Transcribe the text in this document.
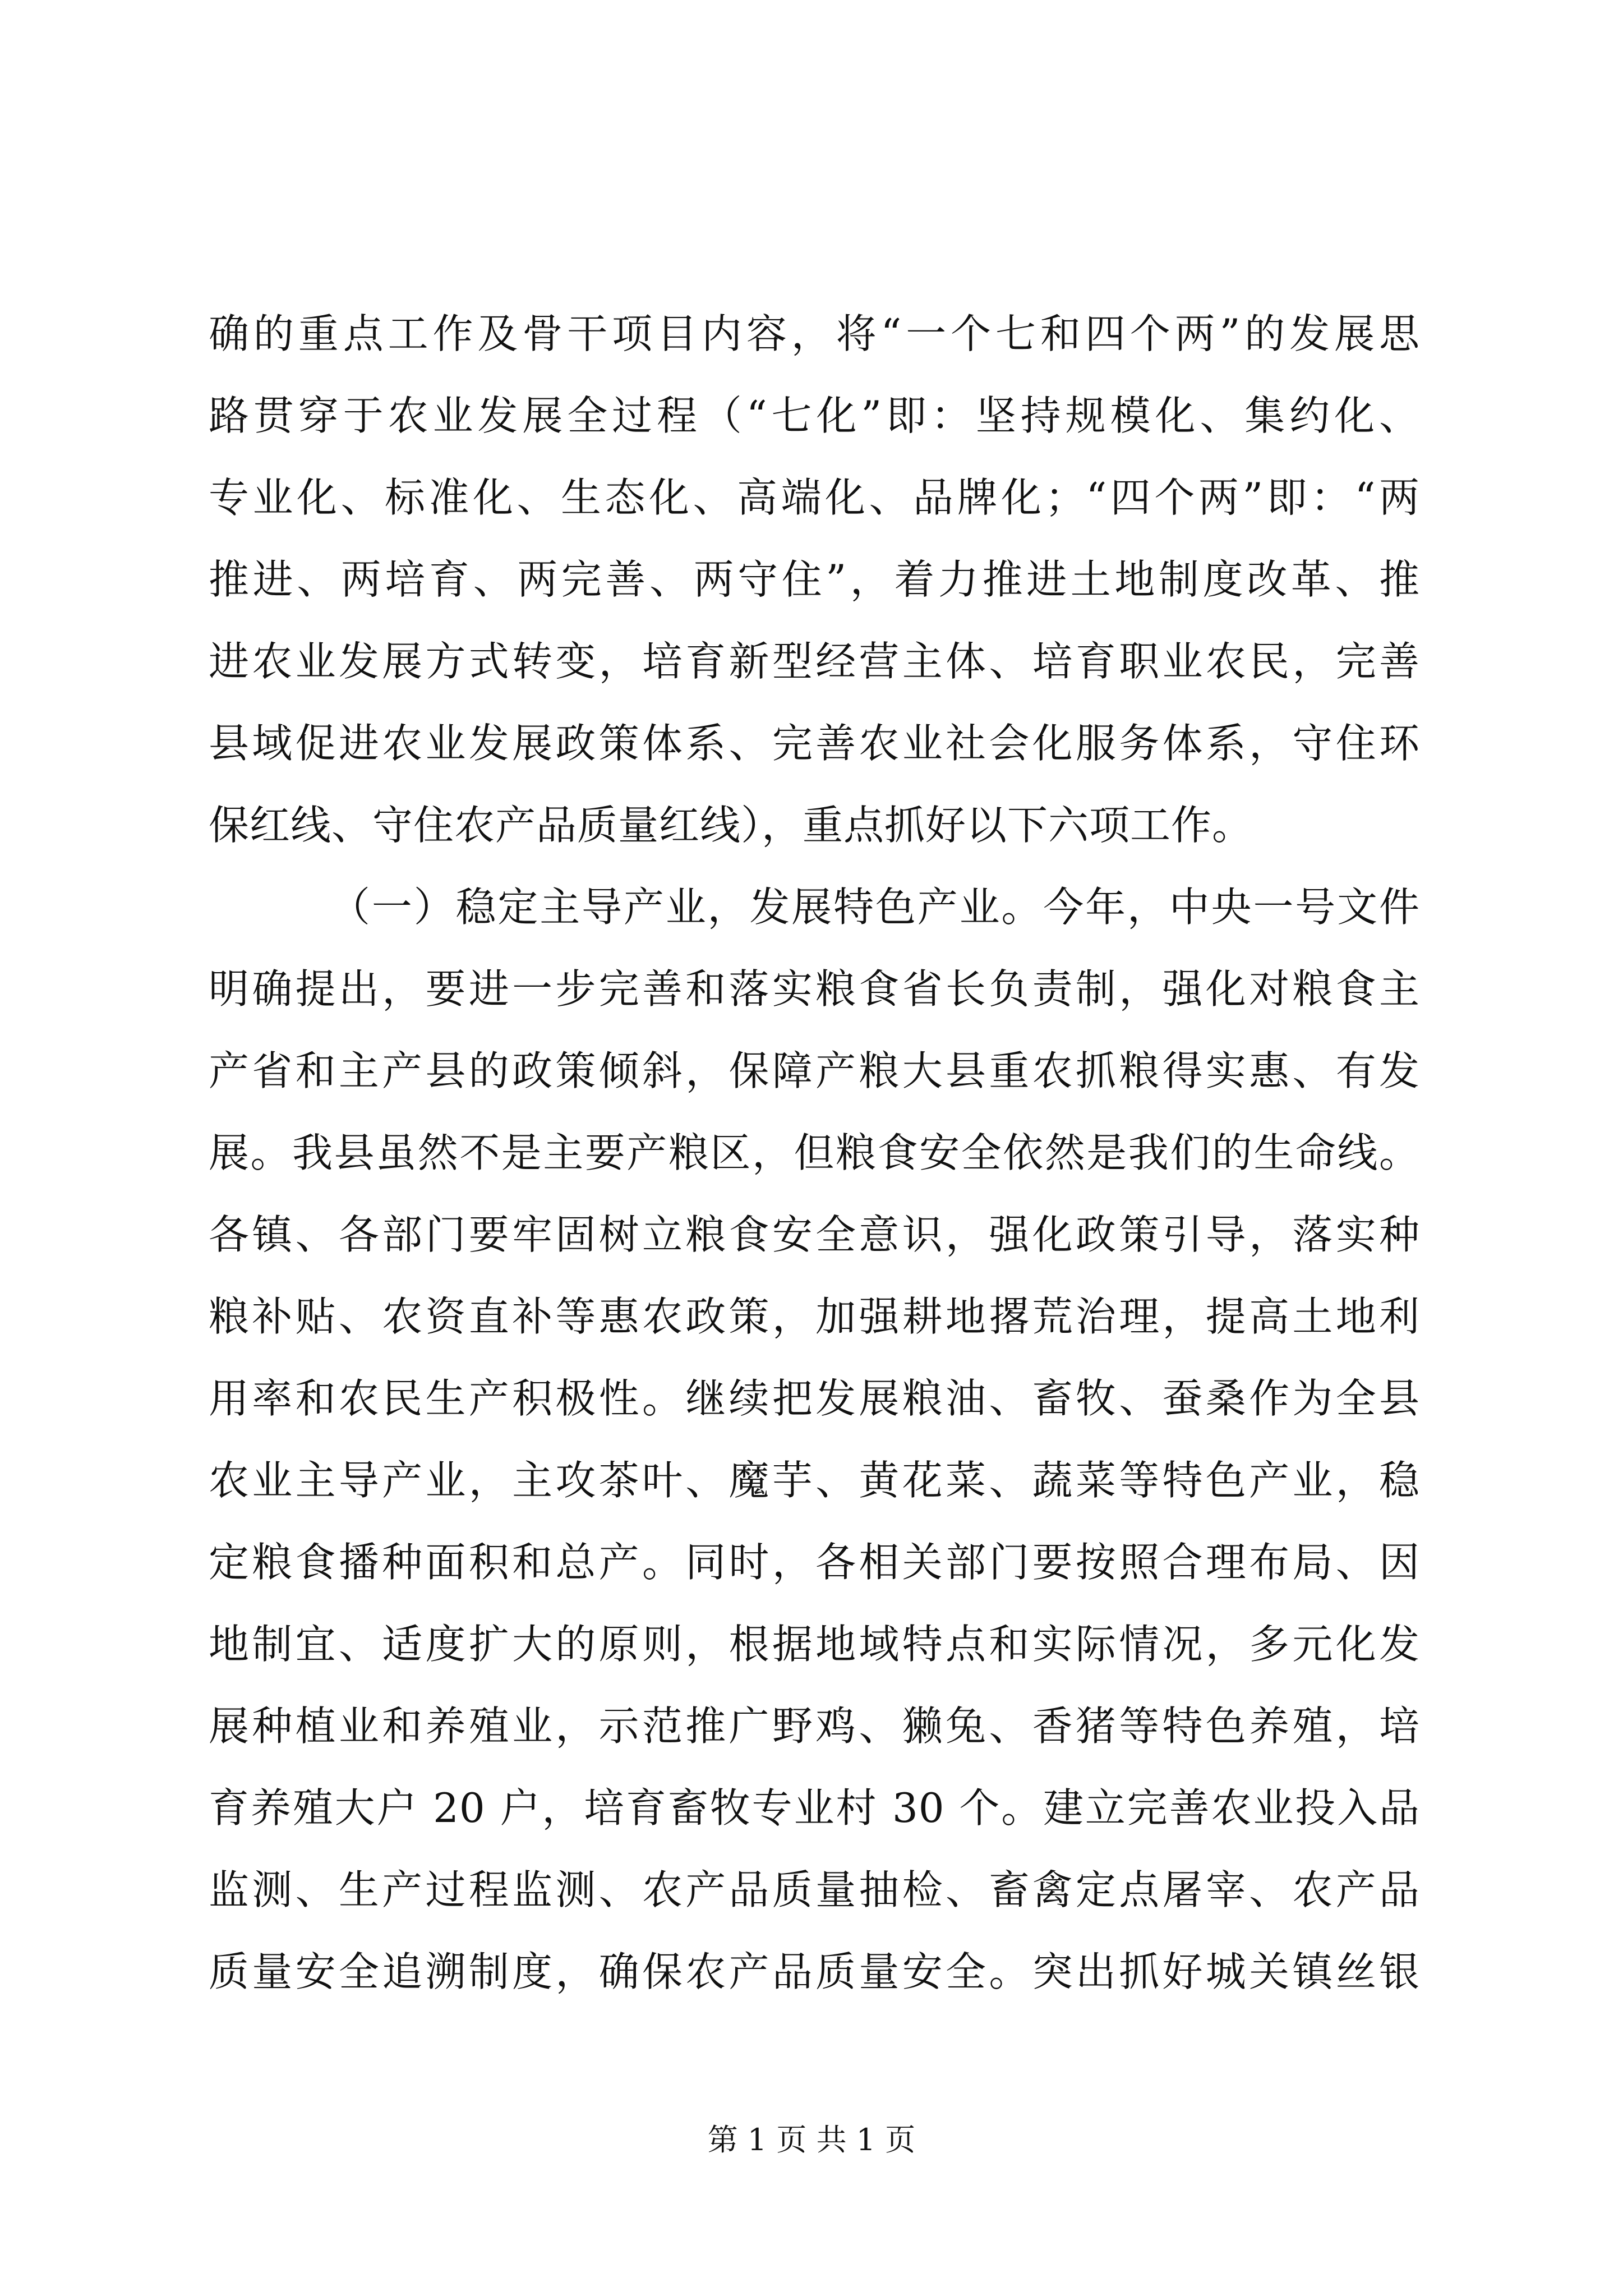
确的重点工作及骨干项目内容，将“一个七和四个两”的发展思
路贯穿于农业发展全过程（“七化”即：坚持规模化、集约化、
专业化、标准化、生态化、高端化、品牌化；“四个两”即：“两
推进、两培育、两完善、两守住”，着力推进土地制度改革、推
进农业发展方式转变，培育新型经营主体、培育职业农民，完善
县域促进农业发展政策体系、完善农业社会化服务体系，守住环
保红线、守住农产品质量红线），重点抓好以下六项工作。
（一）稳定主导产业，发展特色产业。今年，中央一号文件
明确提出，要进一步完善和落实粮食省长负责制，强化对粮食主
产省和主产县的政策倾斜，保障产粮大县重农抓粮得实惠、有发
展。我县虽然不是主要产粮区，但粮食安全依然是我们的生命线。
各镇、各部门要牢固树立粮食安全意识，强化政策引导，落实种
粮补贴、农资直补等惠农政策，加强耕地撂荒治理，提高土地利
用率和农民生产积极性。继续把发展粮油、畜牧、蚕桑作为全县
农业主导产业，主攻茶叶、魔芋、黄花菜、蔬菜等特色产业，稳
定粮食播种面积和总产。同时，各相关部门要按照合理布局、因
地制宜、适度扩大的原则，根据地域特点和实际情况，多元化发
展种植业和养殖业，示范推广野鸡、獭兔、香猪等特色养殖，培
育养殖大户 20 户，培育畜牧专业村 30 个。建立完善农业投入品
监测、生产过程监测、农产品质量抽检、畜禽定点屠宰、农产品
质量安全追溯制度，确保农产品质量安全。突出抓好城关镇丝银
第 1 页 共 1 页
